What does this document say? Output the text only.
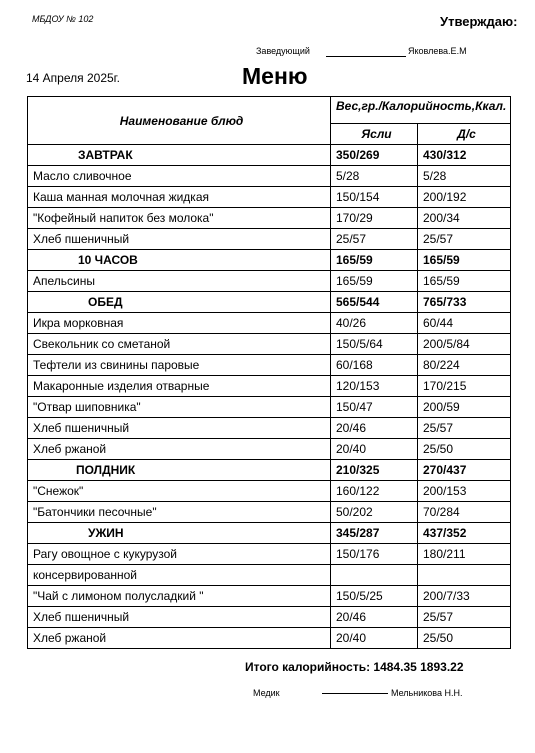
МБДОУ № 102	Утверждаю:
Заведующий	Яковлева.Е.М
14 Апреля 2025г.	Меню
Наименование блюд	Вес,гр./Калорийность,Ккал.	
	Ясли	Д/с
ЗАВТРАК	350/269	430/312
Масло сливочное	5/28	5/28
Каша манная молочная жидкая	150/154	200/192
"Кофейный напиток без молока"	170/29	200/34
Хлеб пшеничный	25/57	25/57
10 ЧАСОВ	165/59	165/59
Апельсины	165/59	165/59
ОБЕД	565/544	765/733
Икра морковная	40/26	60/44
Свекольник со сметаной	150/5/64	200/5/84
Тефтели из свинины паровые	60/168	80/224
Макаронные изделия отварные	120/153	170/215
"Отвар шиповника"	150/47	200/59
Хлеб пшеничный	20/46	25/57
Хлеб ржаной	20/40	25/50
ПОЛДНИК	210/325	270/437
"Снежок"	160/122	200/153
"Батончики песочные"	50/202	70/284
УЖИН	345/287	437/352
Рагу овощное с кукурузой	150/176	180/211
консервированной		
"Чай с лимоном полусладкий "	150/5/25	200/7/33
Хлеб пшеничный	20/46	25/57
Хлеб ржаной	20/40	25/50
Итого калорийность: 1484.35 1893.22
Медик	Мельникова Н.Н.
